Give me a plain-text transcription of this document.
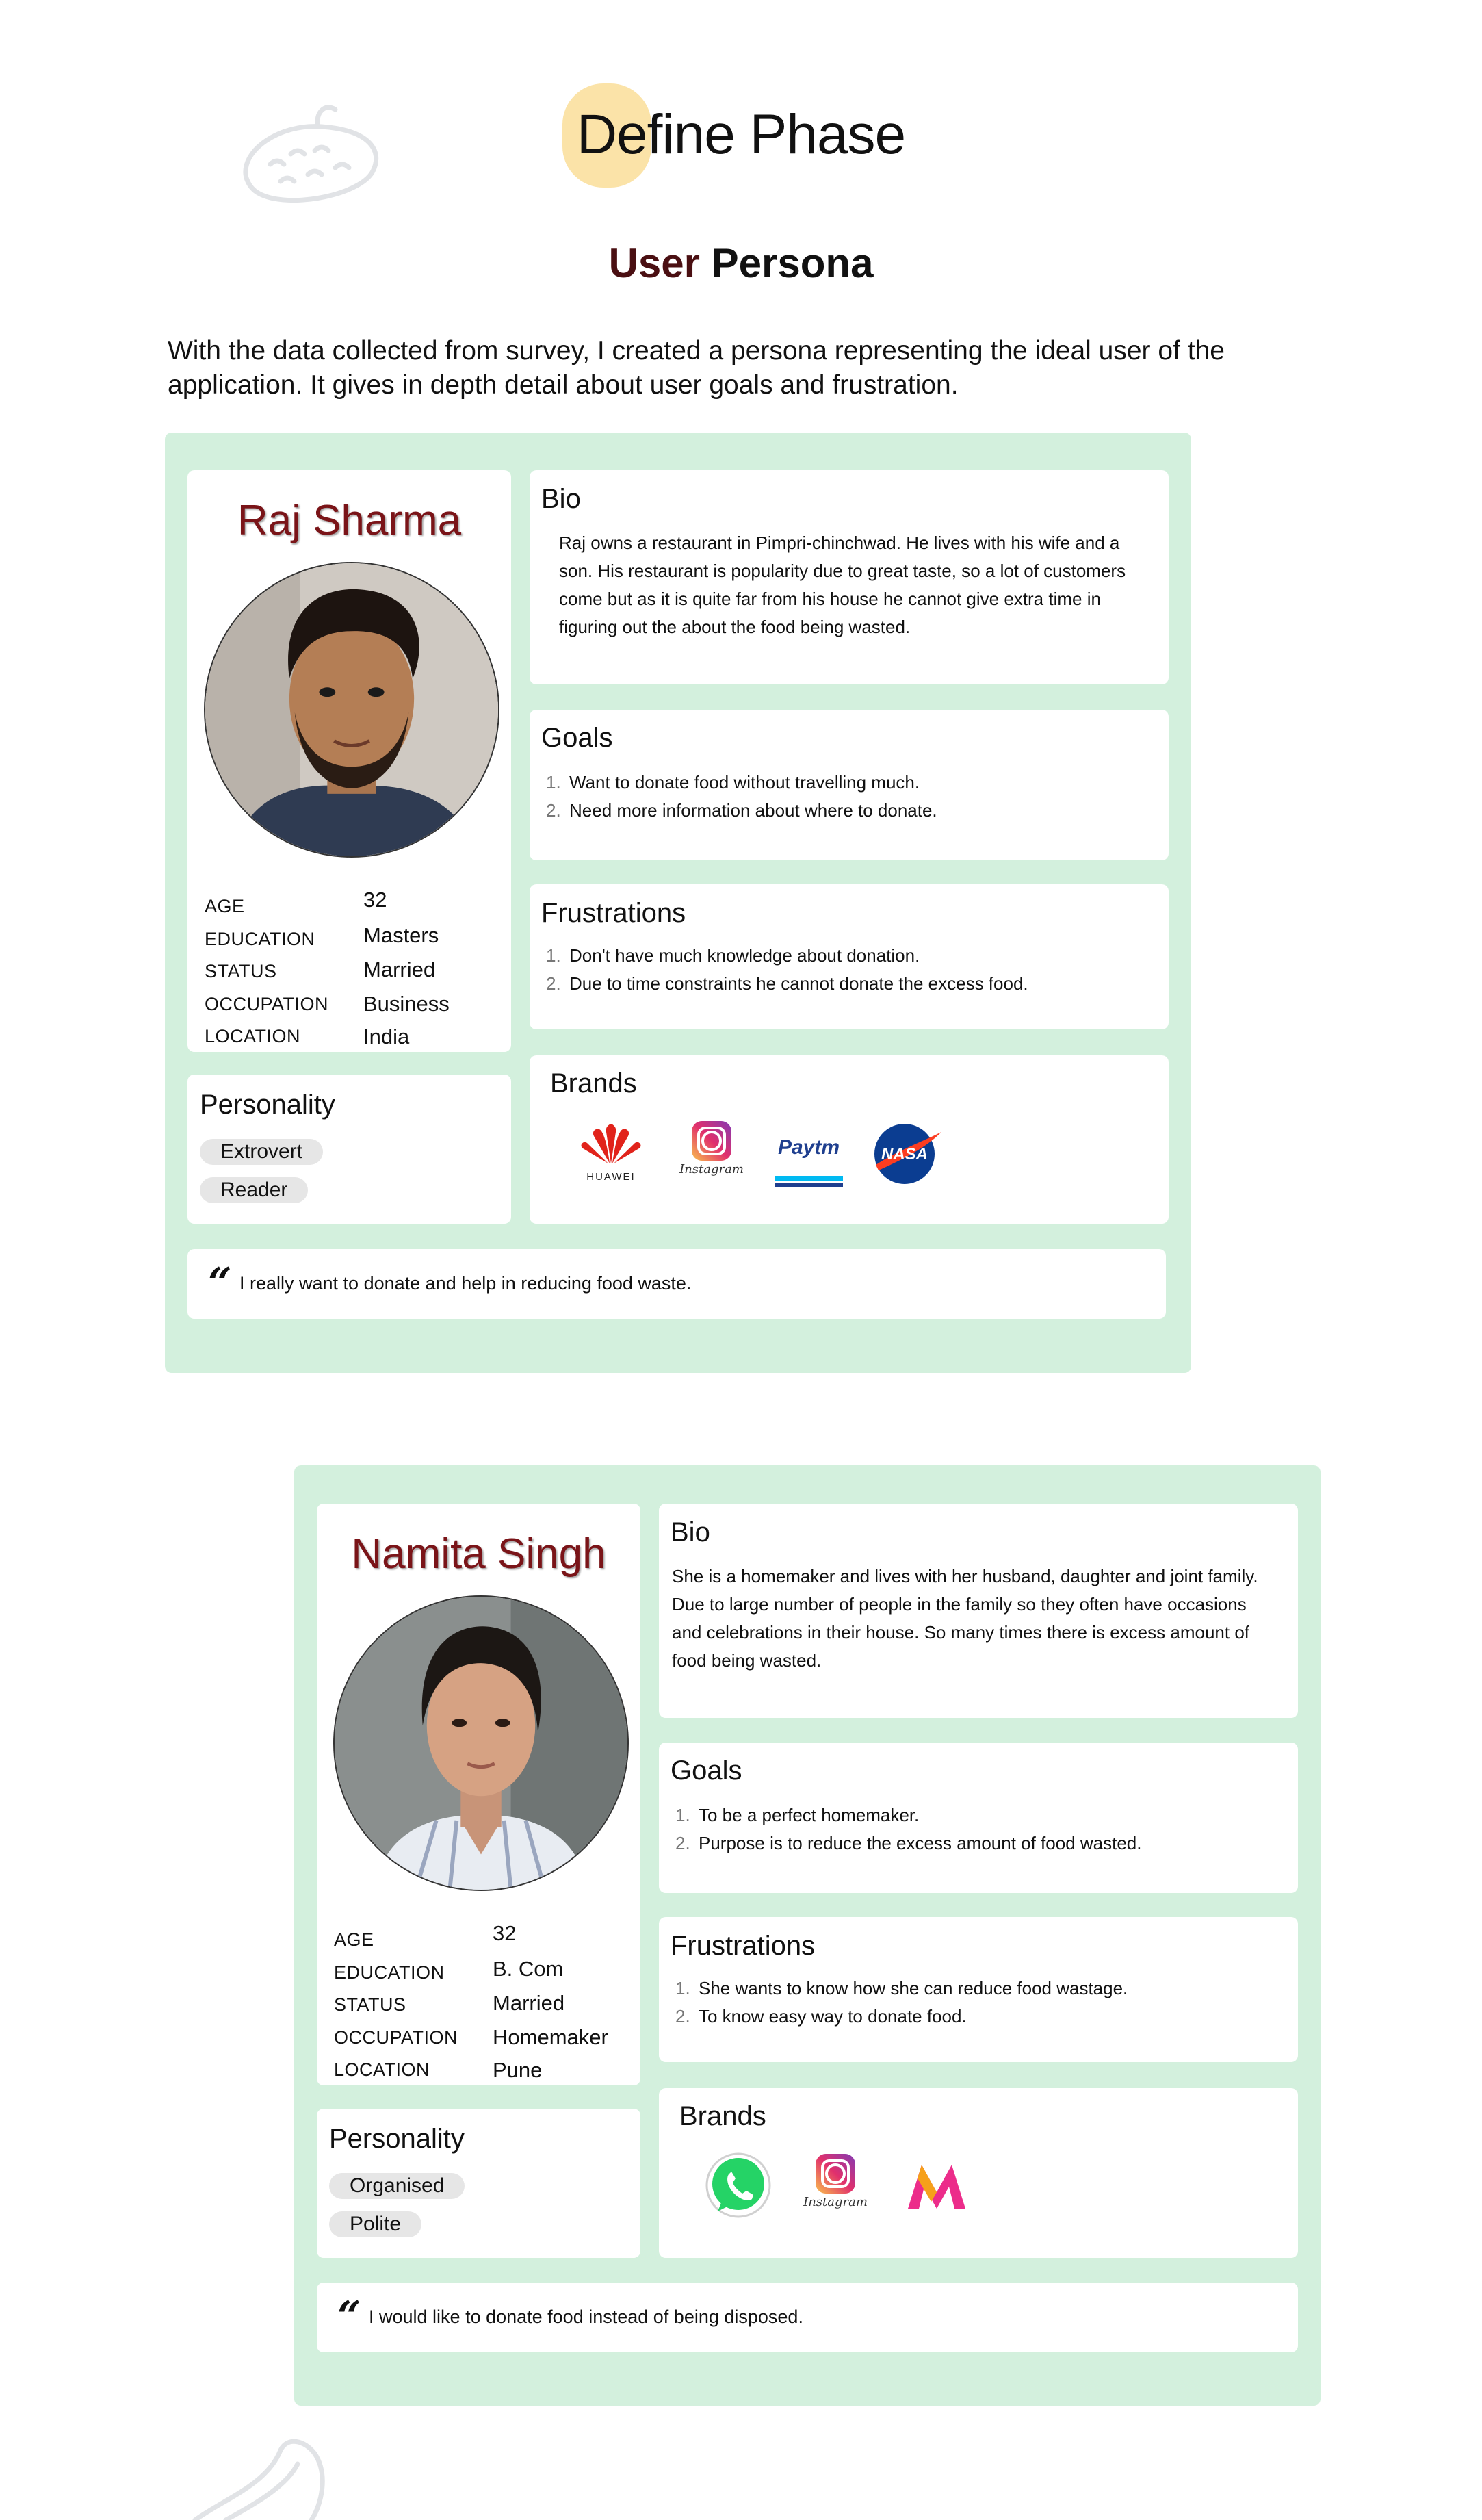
Define Phase
User Persona

With the data collected from survey, I created a persona representing the ideal user of the application. It gives in depth detail about user goals and frustration.

Raj Sharma
AGE	32
EDUCATION Masters
STATUS	Married
OCCUPATION Business
LOCATION	India
Bio
Raj owns a restaurant in Pimpri-chinchwad. He lives with his wife and a son. His restaurant is popularity due to great taste, so a lot of customers come but as it is quite far from his house he cannot give extra time in figuring out the about the food being wasted.
Goals
1. Want to donate food without travelling much.
2. Need more information about where to donate.
Frustrations
1. Don't have much knowledge about donation.
2. Due to time constraints he cannot donate the excess food.
Personality
Extrovert
Reader
Brands
HUAWEI
Instagram
Paytm	NASA
“ I really want to donate and help in reducing food waste.
Namita Singh
AGE	32
EDUCATION B. Com
STATUS	Married
OCCUPATION Homemaker
LOCATION	Pune
Bio
She is a homemaker and lives with her husband, daughter and joint family. Due to large number of people in the family so they often have occasions and celebrations in their house. So many times there is excess amount of food being wasted.
Goals
1. To be a perfect homemaker.
2. Purpose is to reduce the excess amount of food wasted.
Frustrations
1. She wants to know how she can reduce food wastage.
2. To know easy way to donate food.
Personality
Organised
Polite
Brands
Instagram
“ I would like to donate food instead of being disposed.
